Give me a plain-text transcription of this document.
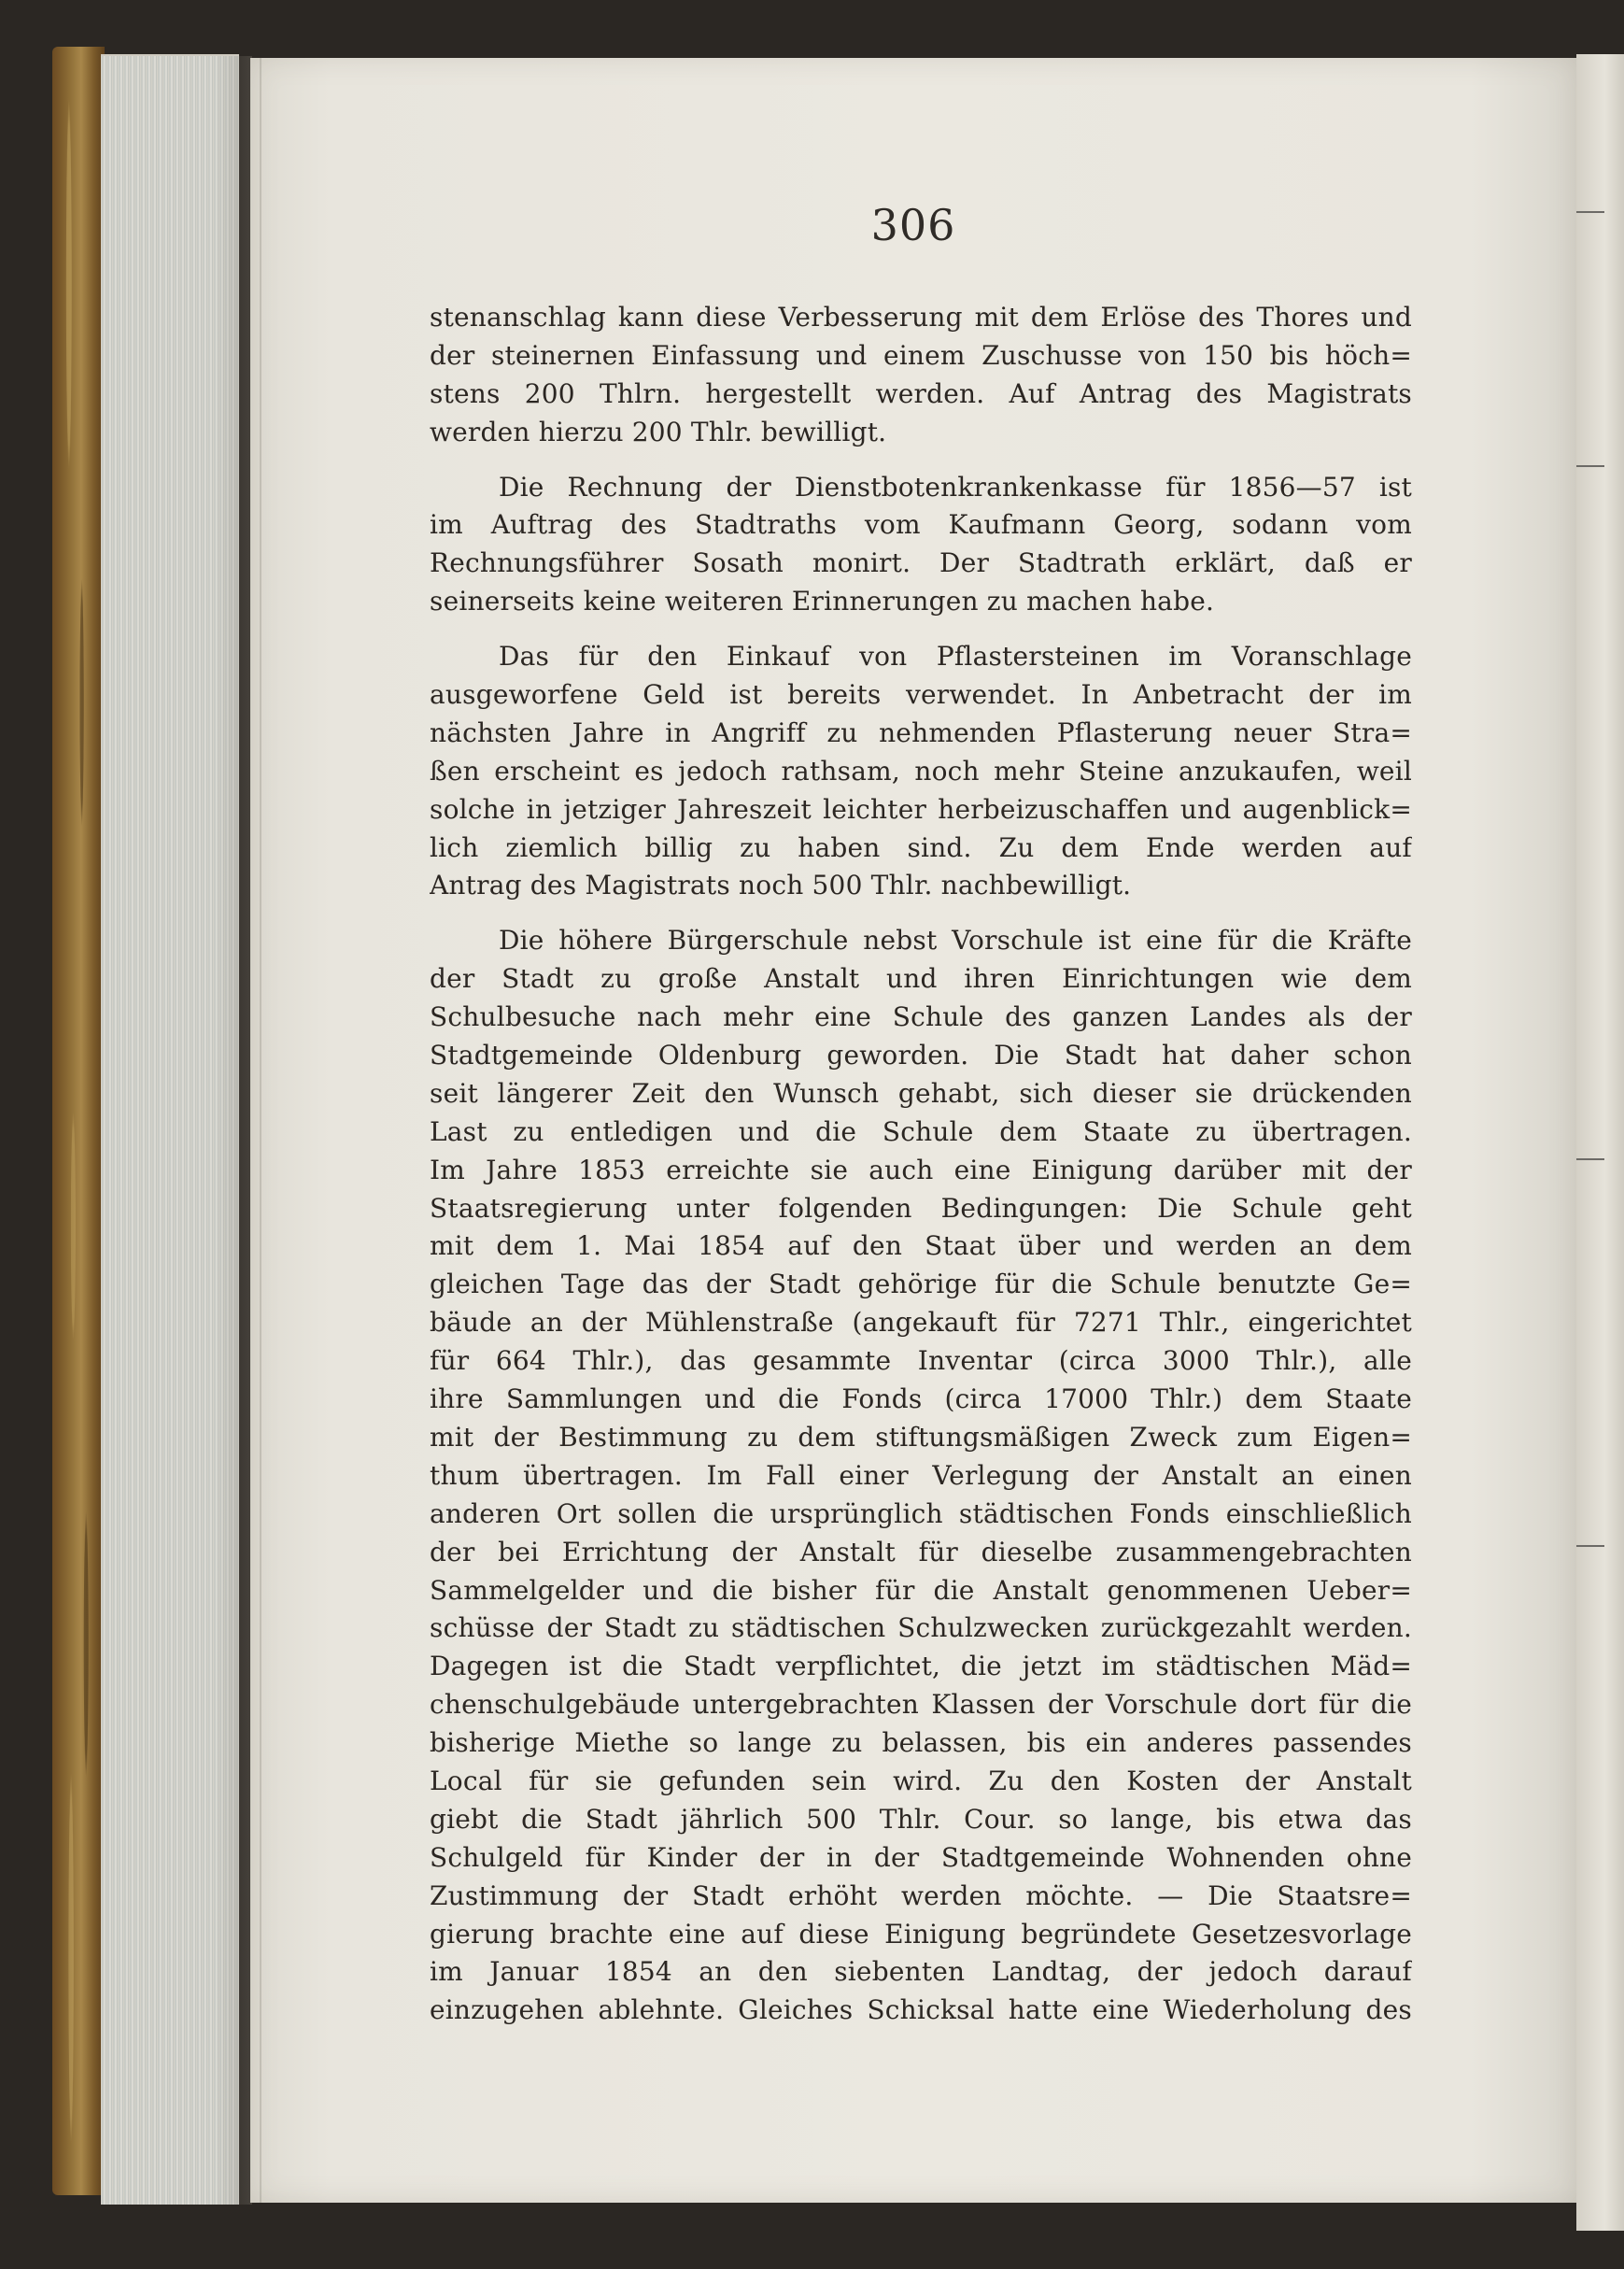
306
stenanschlag kann diese Verbesserung mit dem Erlöse des Thores und
der steinernen Einfassung und einem Zuschusse von 150 bis höch=
stens 200 Thlrn. hergestellt werden. Auf Antrag des Magistrats
werden hierzu 200 Thlr. bewilligt.
Die Rechnung der Dienstbotenkrankenkasse für 1856—57 ist
im Auftrag des Stadtraths vom Kaufmann Georg, sodann vom
Rechnungsführer Sosath monirt. Der Stadtrath erklärt, daß er
seinerseits keine weiteren Erinnerungen zu machen habe.
Das für den Einkauf von Pflastersteinen im Voranschlage
ausgeworfene Geld ist bereits verwendet. In Anbetracht der im
nächsten Jahre in Angriff zu nehmenden Pflasterung neuer Stra=
ßen erscheint es jedoch rathsam, noch mehr Steine anzukaufen, weil
solche in jetziger Jahreszeit leichter herbeizuschaffen und augenblick=
lich ziemlich billig zu haben sind. Zu dem Ende werden auf
Antrag des Magistrats noch 500 Thlr. nachbewilligt.
Die höhere Bürgerschule nebst Vorschule ist eine für die Kräfte
der Stadt zu große Anstalt und ihren Einrichtungen wie dem
Schulbesuche nach mehr eine Schule des ganzen Landes als der
Stadtgemeinde Oldenburg geworden. Die Stadt hat daher schon
seit längerer Zeit den Wunsch gehabt, sich dieser sie drückenden
Last zu entledigen und die Schule dem Staate zu übertragen.
Im Jahre 1853 erreichte sie auch eine Einigung darüber mit der
Staatsregierung unter folgenden Bedingungen: Die Schule geht
mit dem 1. Mai 1854 auf den Staat über und werden an dem
gleichen Tage das der Stadt gehörige für die Schule benutzte Ge=
bäude an der Mühlenstraße (angekauft für 7271 Thlr., eingerichtet
für 664 Thlr.), das gesammte Inventar (circa 3000 Thlr.), alle
ihre Sammlungen und die Fonds (circa 17000 Thlr.) dem Staate
mit der Bestimmung zu dem stiftungsmäßigen Zweck zum Eigen=
thum übertragen. Im Fall einer Verlegung der Anstalt an einen
anderen Ort sollen die ursprünglich städtischen Fonds einschließlich
der bei Errichtung der Anstalt für dieselbe zusammengebrachten
Sammelgelder und die bisher für die Anstalt genommenen Ueber=
schüsse der Stadt zu städtischen Schulzwecken zurückgezahlt werden.
Dagegen ist die Stadt verpflichtet, die jetzt im städtischen Mäd=
chenschulgebäude untergebrachten Klassen der Vorschule dort für die
bisherige Miethe so lange zu belassen, bis ein anderes passendes
Local für sie gefunden sein wird. Zu den Kosten der Anstalt
giebt die Stadt jährlich 500 Thlr. Cour. so lange, bis etwa das
Schulgeld für Kinder der in der Stadtgemeinde Wohnenden ohne
Zustimmung der Stadt erhöht werden möchte. — Die Staatsre=
gierung brachte eine auf diese Einigung begründete Gesetzesvorlage
im Januar 1854 an den siebenten Landtag, der jedoch darauf
einzugehen ablehnte. Gleiches Schicksal hatte eine Wiederholung des
